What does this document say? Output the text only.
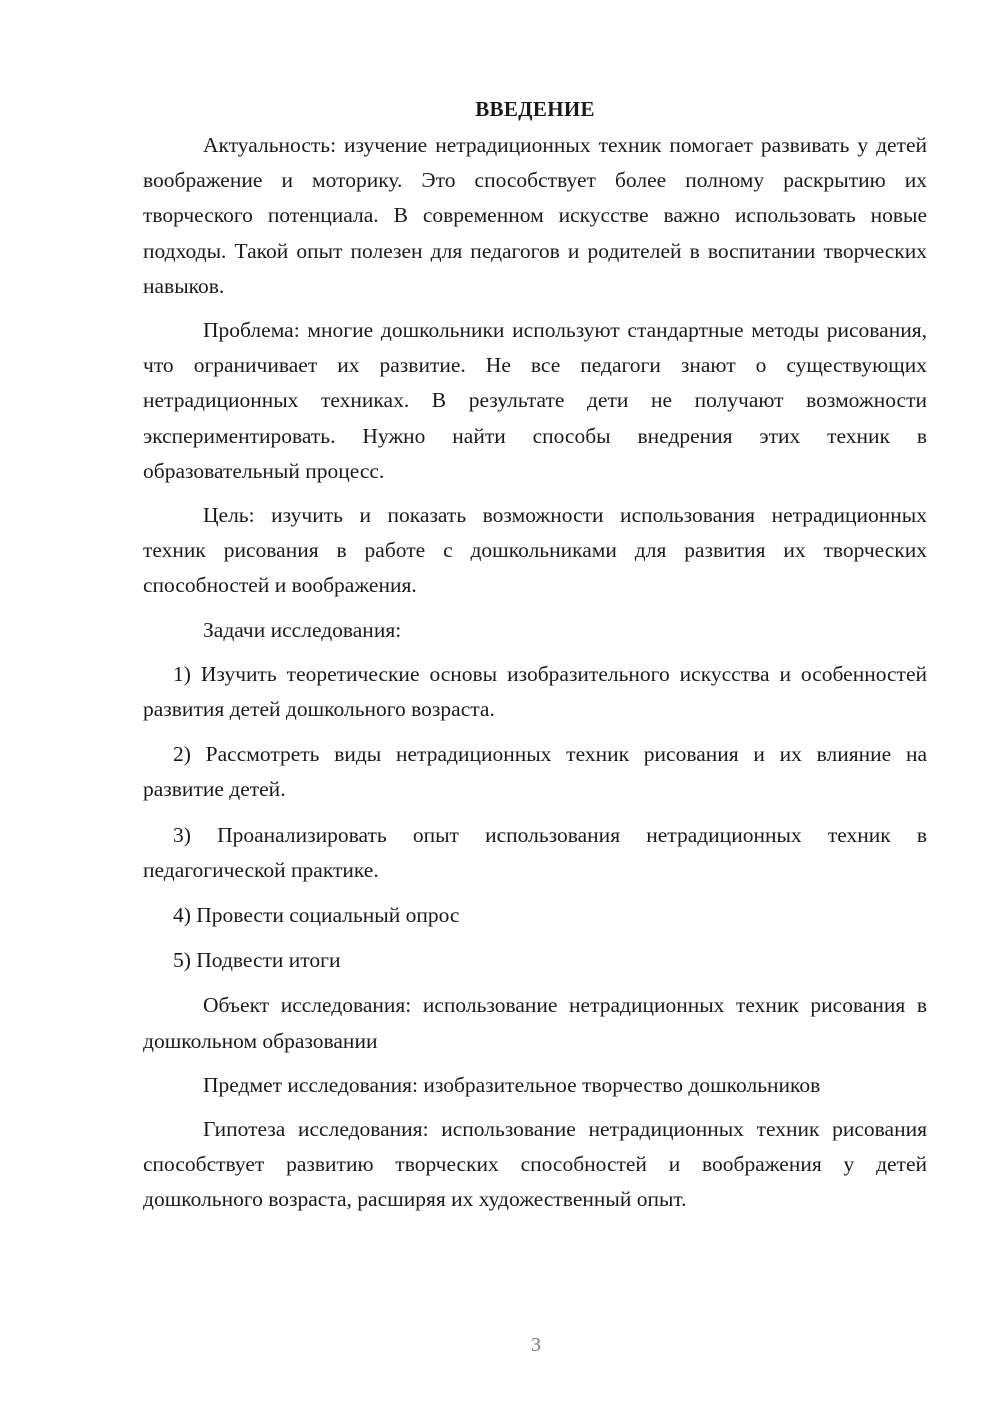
ВВЕДЕНИЕ

Актуальность: изучение нетрадиционных техник помогает развивать у детей воображение и моторику. Это способствует более полному раскрытию их творческого потенциала. В современном искусстве важно использовать новые подходы. Такой опыт полезен для педагогов и родителей в воспитании творческих навыков.

Проблема: многие дошкольники используют стандартные методы рисования, что ограничивает их развитие. Не все педагоги знают о существующих нетрадиционных техниках. В результате дети не получают возможности экспериментировать. Нужно найти способы внедрения этих техник в образовательный процесс.

Цель: изучить и показать возможности использования нетрадиционных техник рисования в работе с дошкольниками для развития их творческих способностей и воображения.

Задачи исследования:

1) Изучить теоретические основы изобразительного искусства и особенностей развития детей дошкольного возраста.

2) Рассмотреть виды нетрадиционных техник рисования и их влияние на развитие детей.

3) Проанализировать опыт использования нетрадиционных техник в педагогической практике.

4) Провести социальный опрос

5) Подвести итоги

Объект исследования: использование нетрадиционных техник рисования в дошкольном образовании

Предмет исследования: изобразительное творчество дошкольников

Гипотеза исследования: использование нетрадиционных техник рисования способствует развитию творческих способностей и воображения у детей дошкольного возраста, расширяя их художественный опыт.

3
